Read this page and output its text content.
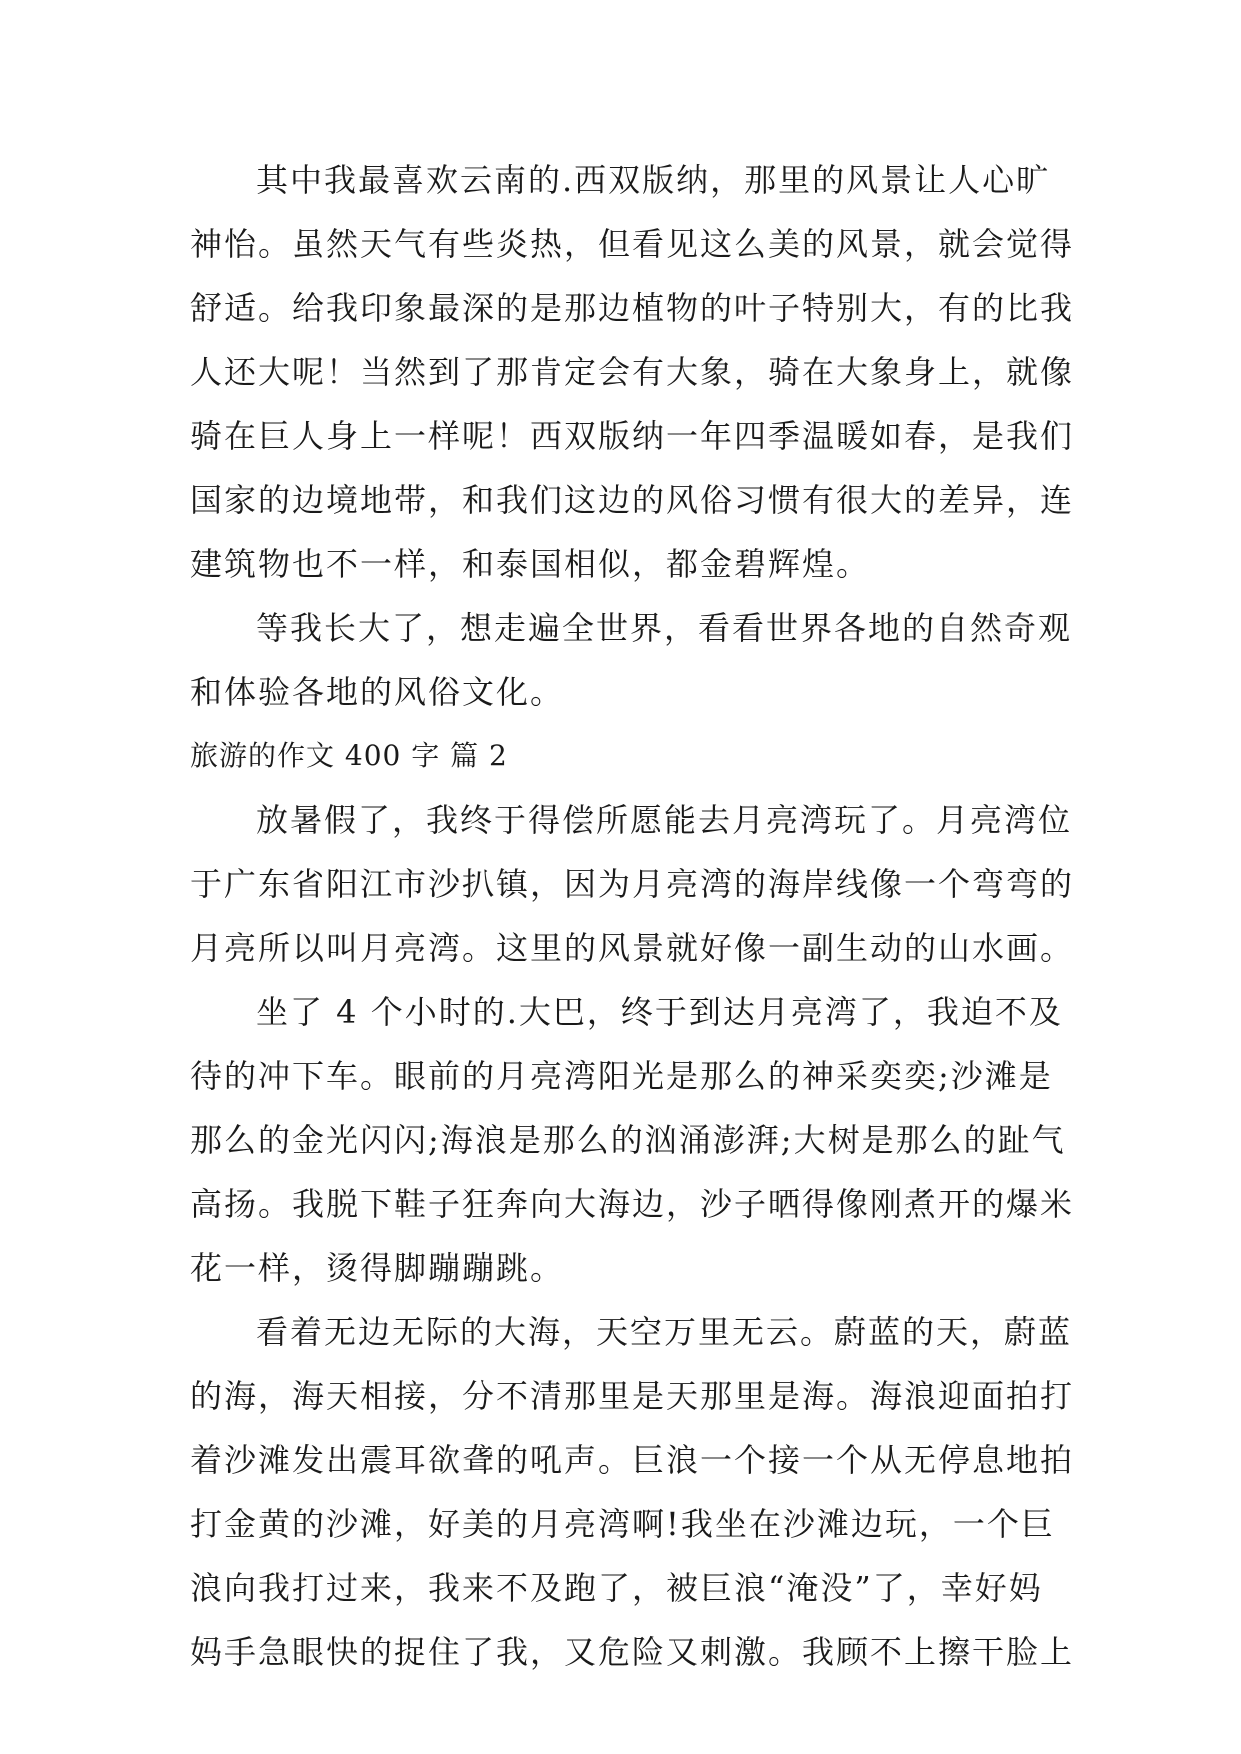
其中我最喜欢云南的.西双版纳，那里的风景让人心旷
神怡。虽然天气有些炎热，但看见这么美的风景，就会觉得
舒适。给我印象最深的是那边植物的叶子特别大，有的比我
人还大呢！当然到了那肯定会有大象，骑在大象身上，就像
骑在巨人身上一样呢！西双版纳一年四季温暖如春，是我们
国家的边境地带，和我们这边的风俗习惯有很大的差异，连
建筑物也不一样，和泰国相似，都金碧辉煌。
等我长大了，想走遍全世界，看看世界各地的自然奇观
和体验各地的风俗文化。
旅游的作文 400 字 篇 2
放暑假了，我终于得偿所愿能去月亮湾玩了。月亮湾位
于广东省阳江市沙扒镇，因为月亮湾的海岸线像一个弯弯的
月亮所以叫月亮湾。这里的风景就好像一副生动的山水画。
坐了 4 个小时的.大巴，终于到达月亮湾了，我迫不及
待的冲下车。眼前的月亮湾阳光是那么的神采奕奕;沙滩是
那么的金光闪闪;海浪是那么的汹涌澎湃;大树是那么的趾气
高扬。我脱下鞋子狂奔向大海边，沙子晒得像刚煮开的爆米
花一样，烫得脚蹦蹦跳。
看着无边无际的大海，天空万里无云。蔚蓝的天，蔚蓝
的海，海天相接，分不清那里是天那里是海。海浪迎面拍打
着沙滩发出震耳欲聋的吼声。巨浪一个接一个从无停息地拍
打金黄的沙滩，好美的月亮湾啊!我坐在沙滩边玩，一个巨
浪向我打过来，我来不及跑了，被巨浪“淹没”了，幸好妈
妈手急眼快的捉住了我，又危险又刺激。我顾不上擦干脸上
